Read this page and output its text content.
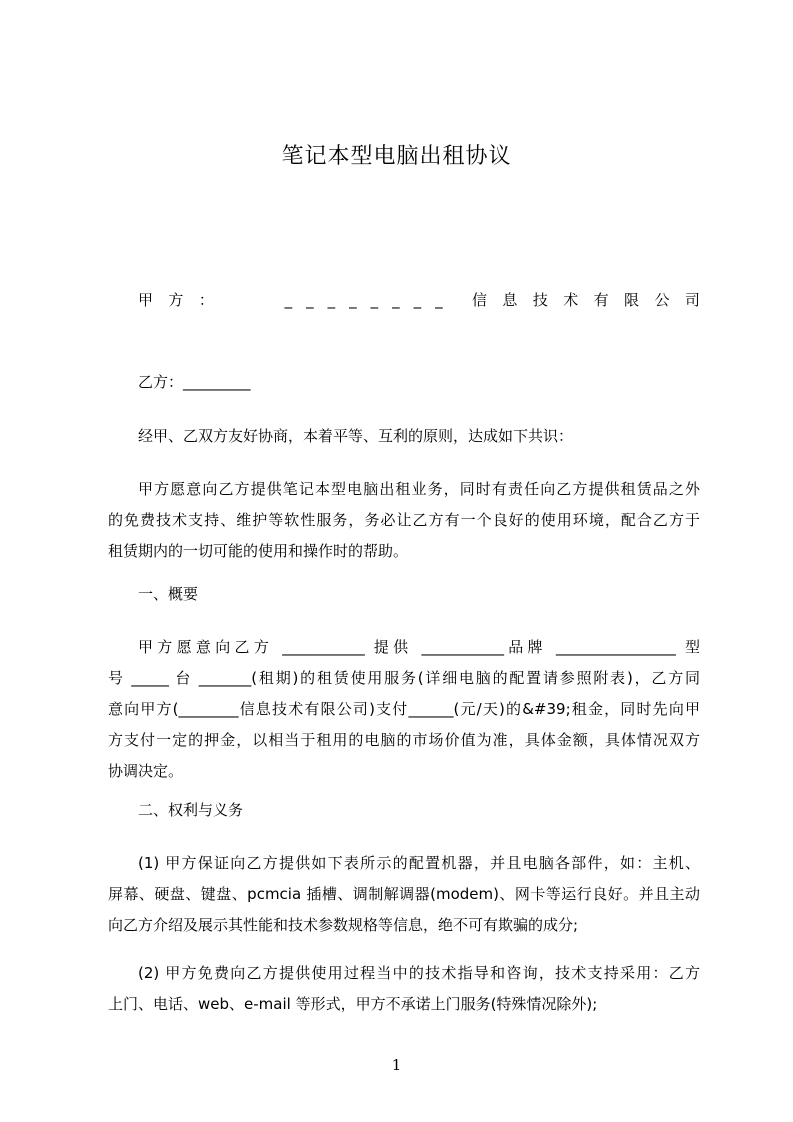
笔记本型电脑出租协议
甲 方 ：	________ 信 息 技 术 有 限 公 司
乙方：_________
经甲、乙双方友好协商，本着平等、互利的原则，达成如下共识：
甲方愿意向乙方提供笔记本型电脑出租业务，同时有责任向乙方提供租赁品之外
的免费技术支持、维护等软性服务，务必让乙方有一个良好的使用环境，配合乙方于
租赁期内的一切可能的使用和操作时的帮助。
一、概要
甲方愿意向乙方 ___________ 提供 ___________品牌 ________________ 型
号 _____ 台 _______(租期)的租赁使用服务(详细电脑的配置请参照附表)，乙方同
意向甲方(________信息技术有限公司)支付______(元/天)的&#39;租金，同时先向甲
方支付一定的押金，以相当于租用的电脑的市场价值为准，具体金额，具体情况双方
协调决定。
二、权利与义务
(1) 甲方保证向乙方提供如下表所示的配置机器，并且电脑各部件，如：主机、
屏幕、硬盘、键盘、pcmcia 插槽、调制解调器(modem)、网卡等运行良好。并且主动
向乙方介绍及展示其性能和技术参数规格等信息，绝不可有欺骗的成分;
(2) 甲方免费向乙方提供使用过程当中的技术指导和咨询，技术支持采用：乙方
上门、电话、web、e-mail 等形式，甲方不承诺上门服务(特殊情况除外);
1
